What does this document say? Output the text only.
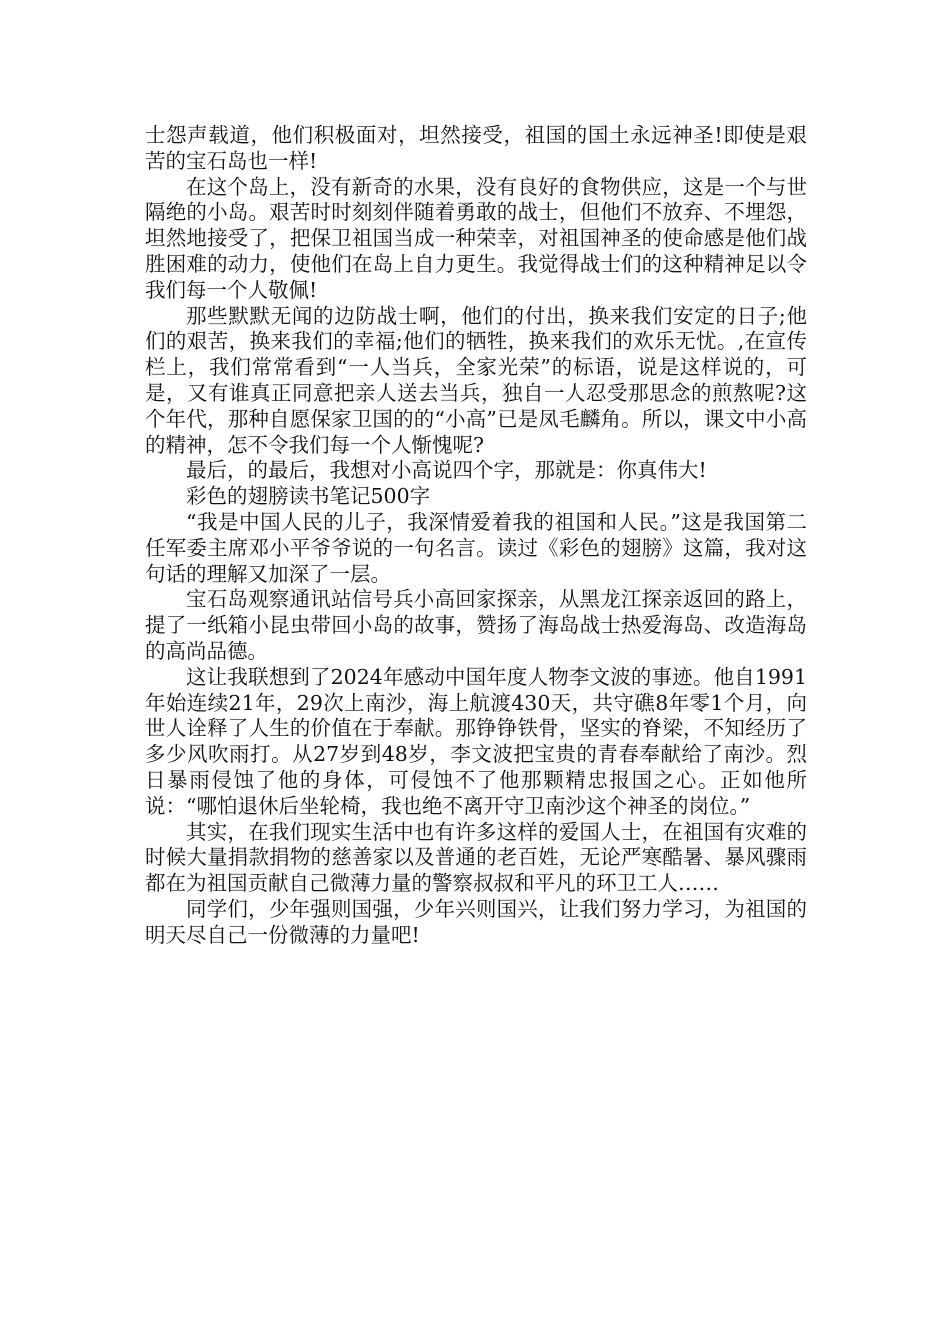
士怨声载道，他们积极面对，坦然接受，祖国的国土永远神圣!即使是艰苦的宝石岛也一样!

在这个岛上，没有新奇的水果，没有良好的食物供应，这是一个与世隔绝的小岛。艰苦时时刻刻伴随着勇敢的战士，但他们不放弃、不埋怨，坦然地接受了，把保卫祖国当成一种荣幸，对祖国神圣的使命感是他们战胜困难的动力，使他们在岛上自力更生。我觉得战士们的这种精神足以令我们每一个人敬佩!

那些默默无闻的边防战士啊，他们的付出，换来我们安定的日子;他们的艰苦，换来我们的幸福;他们的牺牲，换来我们的欢乐无忧。,在宣传栏上，我们常常看到“一人当兵，全家光荣”的标语，说是这样说的，可是，又有谁真正同意把亲人送去当兵，独自一人忍受那思念的煎熬呢?这个年代，那种自愿保家卫国的的“小高”已是凤毛麟角。所以，课文中小高的精神，怎不令我们每一个人惭愧呢?

最后，的最后，我想对小高说四个字，那就是：你真伟大!

彩色的翅膀读书笔记500字

“我是中国人民的儿子，我深情爱着我的祖国和人民。”这是我国第二任军委主席邓小平爷爷说的一句名言。读过《彩色的翅膀》这篇，我对这句话的理解又加深了一层。

宝石岛观察通讯站信号兵小高回家探亲，从黑龙江探亲返回的路上，提了一纸箱小昆虫带回小岛的故事，赞扬了海岛战士热爱海岛、改造海岛的高尚品德。

这让我联想到了2024年感动中国年度人物李文波的事迹。他自1991年始连续21年，29次上南沙，海上航渡430天，共守礁8年零1个月，向世人诠释了人生的价值在于奉献。那铮铮铁骨，坚实的脊梁，不知经历了多少风吹雨打。从27岁到48岁，李文波把宝贵的青春奉献给了南沙。烈日暴雨侵蚀了他的身体，可侵蚀不了他那颗精忠报国之心。正如他所说：“哪怕退休后坐轮椅，我也绝不离开守卫南沙这个神圣的岗位。”

其实，在我们现实生活中也有许多这样的爱国人士，在祖国有灾难的时候大量捐款捐物的慈善家以及普通的老百姓，无论严寒酷暑、暴风骤雨都在为祖国贡献自己微薄力量的警察叔叔和平凡的环卫工人……

同学们，少年强则国强，少年兴则国兴，让我们努力学习，为祖国的明天尽自己一份微薄的力量吧!
